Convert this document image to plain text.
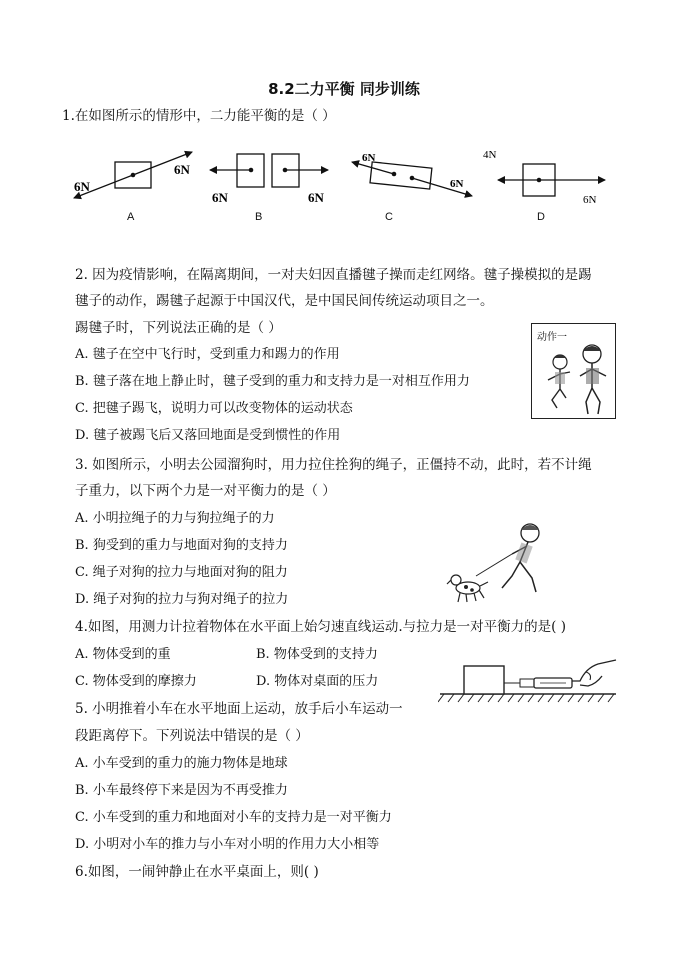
8.2二力平衡 同步训练
1.在如图所示的情形中，二力能平衡的是（ ）
6N
6N
6N	6N
6N
6N
4N
6N
A	B	C	D
2. 因为疫情影响，在隔离期间，一对夫妇因直播毽子操而走红网络。毽子操模拟的是踢
毽子的动作，踢毽子起源于中国汉代，是中国民间传统运动项目之一。
踢毽子时，下列说法正确的是（ ）
A. 毽子在空中飞行时，受到重力和踢力的作用
B. 毽子落在地上静止时，毽子受到的重力和支持力是一对相互作用力
C. 把毽子踢飞，说明力可以改变物体的运动状态
D. 毽子被踢飞后又落回地面是受到惯性的作用
动作一
3. 如图所示，小明去公园溜狗时，用力拉住拴狗的绳子，正僵持不动，此时，若不计绳
子重力，以下两个力是一对平衡力的是（ ）
A. 小明拉绳子的力与狗拉绳子的力
B. 狗受到的重力与地面对狗的支持力
C. 绳子对狗的拉力与地面对狗的阻力
D. 绳子对狗的拉力与狗对绳子的拉力
4.如图，用测力计拉着物体在水平面上始匀速直线运动.与拉力是一对平衡力的是( )
A. 物体受到的重	B. 物体受到的支持力
C. 物体受到的摩擦力	D. 物体对桌面的压力
5. 小明推着小车在水平地面上运动，放手后小车运动一
段距离停下。下列说法中错误的是（ ）
A. 小车受到的重力的施力物体是地球
B. 小车最终停下来是因为不再受推力
C. 小车受到的重力和地面对小车的支持力是一对平衡力
D. 小明对小车的推力与小车对小明的作用力大小相等
6.如图，一闹钟静止在水平桌面上，则( )
